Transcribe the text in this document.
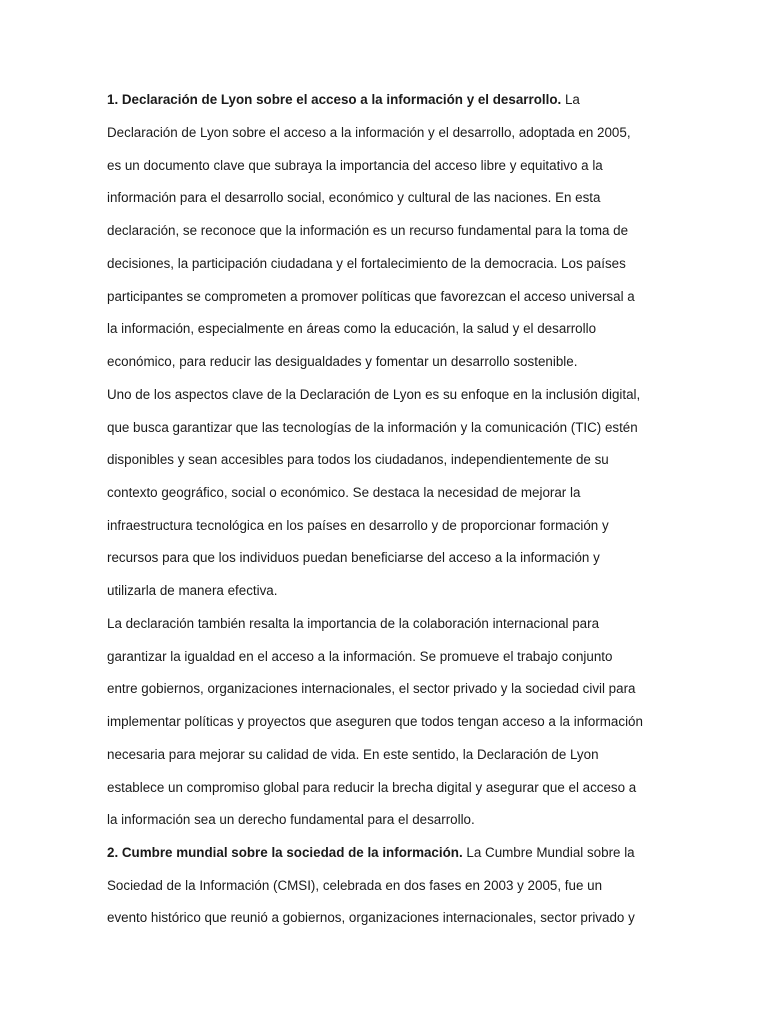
1. Declaración de Lyon sobre el acceso a la información y el desarrollo. La
Declaración de Lyon sobre el acceso a la información y el desarrollo, adoptada en 2005,
es un documento clave que subraya la importancia del acceso libre y equitativo a la
información para el desarrollo social, económico y cultural de las naciones. En esta
declaración, se reconoce que la información es un recurso fundamental para la toma de
decisiones, la participación ciudadana y el fortalecimiento de la democracia. Los países
participantes se comprometen a promover políticas que favorezcan el acceso universal a
la información, especialmente en áreas como la educación, la salud y el desarrollo
económico, para reducir las desigualdades y fomentar un desarrollo sostenible.
Uno de los aspectos clave de la Declaración de Lyon es su enfoque en la inclusión digital,
que busca garantizar que las tecnologías de la información y la comunicación (TIC) estén
disponibles y sean accesibles para todos los ciudadanos, independientemente de su
contexto geográfico, social o económico. Se destaca la necesidad de mejorar la
infraestructura tecnológica en los países en desarrollo y de proporcionar formación y
recursos para que los individuos puedan beneficiarse del acceso a la información y
utilizarla de manera efectiva.
La declaración también resalta la importancia de la colaboración internacional para
garantizar la igualdad en el acceso a la información. Se promueve el trabajo conjunto
entre gobiernos, organizaciones internacionales, el sector privado y la sociedad civil para
implementar políticas y proyectos que aseguren que todos tengan acceso a la información
necesaria para mejorar su calidad de vida. En este sentido, la Declaración de Lyon
establece un compromiso global para reducir la brecha digital y asegurar que el acceso a
la información sea un derecho fundamental para el desarrollo.
2. Cumbre mundial sobre la sociedad de la información. La Cumbre Mundial sobre la
Sociedad de la Información (CMSI), celebrada en dos fases en 2003 y 2005, fue un
evento histórico que reunió a gobiernos, organizaciones internacionales, sector privado y
